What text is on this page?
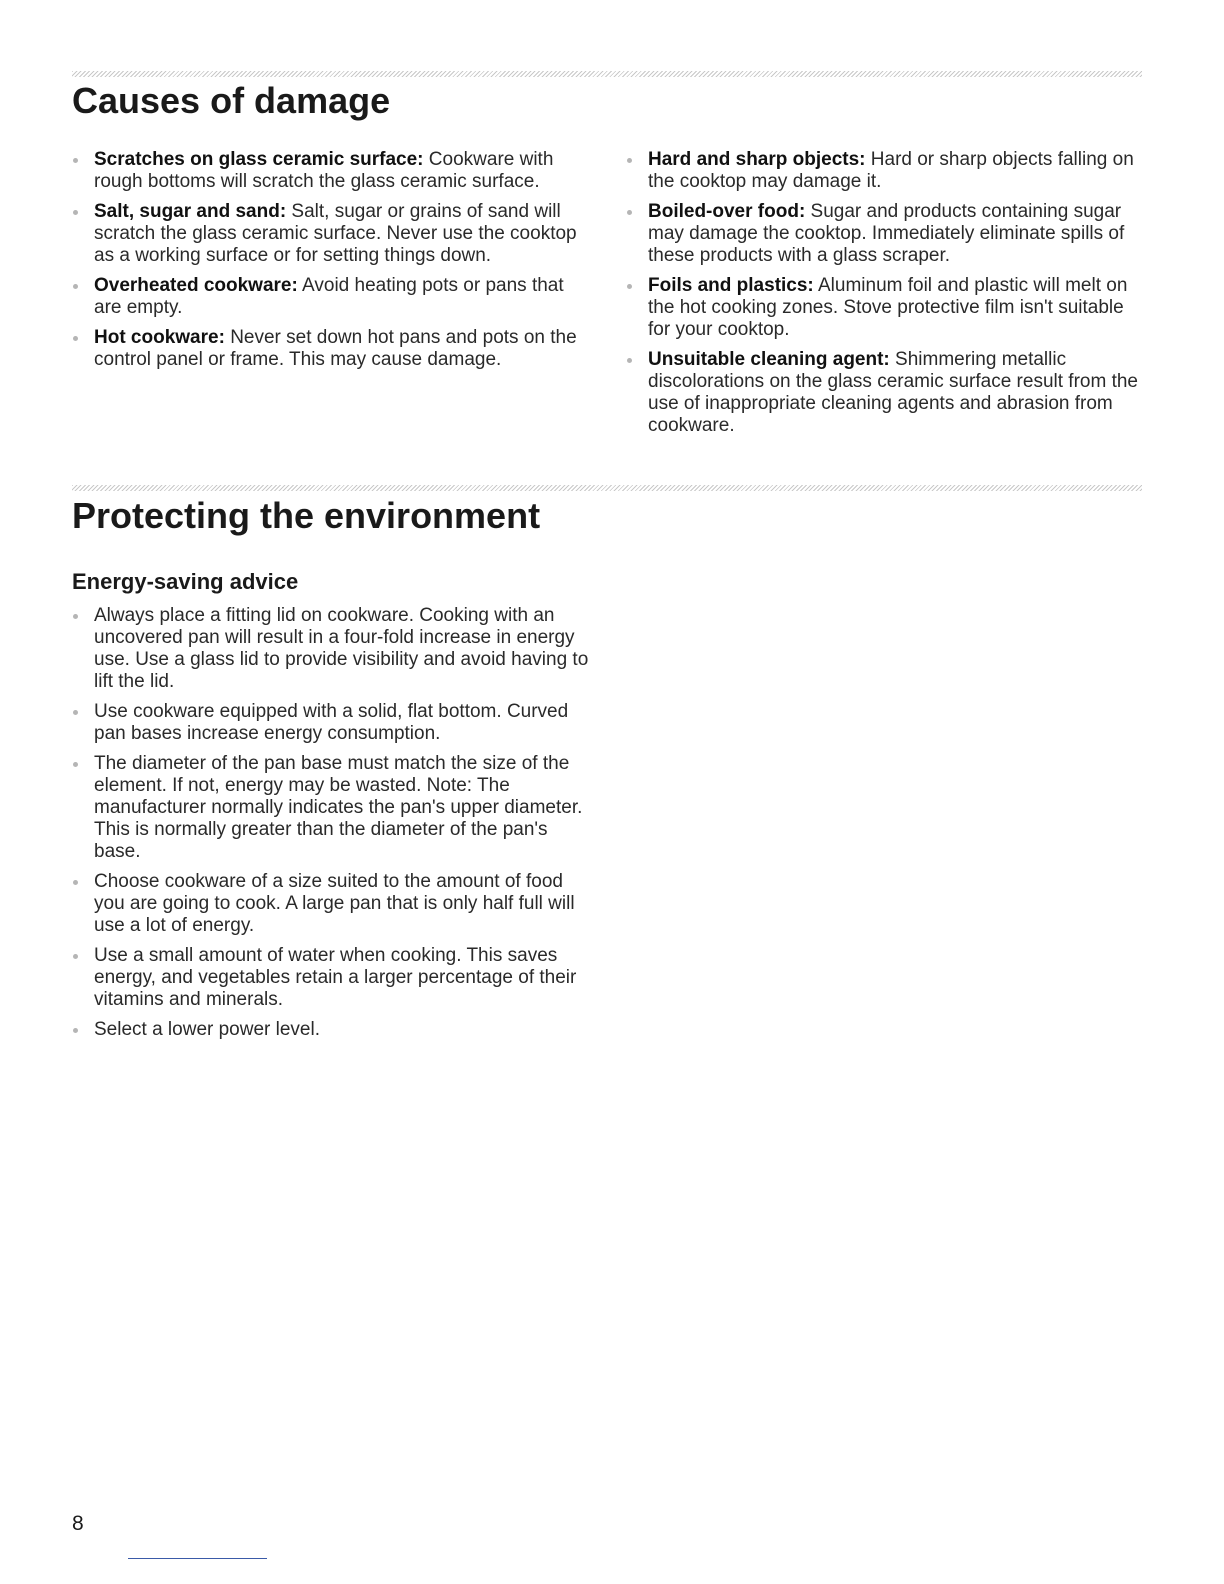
Causes of damage
Scratches on glass ceramic surface: Cookware with rough bottoms will scratch the glass ceramic surface.
Salt, sugar and sand: Salt, sugar or grains of sand will scratch the glass ceramic surface. Never use the cooktop as a working surface or for setting things down.
Overheated cookware: Avoid heating pots or pans that are empty.
Hot cookware: Never set down hot pans and pots on the control panel or frame. This may cause damage.
Hard and sharp objects: Hard or sharp objects falling on the cooktop may damage it.
Boiled-over food: Sugar and products containing sugar may damage the cooktop. Immediately eliminate spills of these products with a glass scraper.
Foils and plastics: Aluminum foil and plastic will melt on the hot cooking zones. Stove protective film isn't suitable for your cooktop.
Unsuitable cleaning agent: Shimmering metallic discolorations on the glass ceramic surface result from the use of inappropriate cleaning agents and abrasion from cookware.
Protecting the environment
Energy-saving advice
Always place a fitting lid on cookware. Cooking with an uncovered pan will result in a four-fold increase in energy use. Use a glass lid to provide visibility and avoid having to lift the lid.
Use cookware equipped with a solid, flat bottom. Curved pan bases increase energy consumption.
The diameter of the pan base must match the size of the element. If not, energy may be wasted. Note: The manufacturer normally indicates the pan's upper diameter. This is normally greater than the diameter of the pan's base.
Choose cookware of a size suited to the amount of food you are going to cook. A large pan that is only half full will use a lot of energy.
Use a small amount of water when cooking. This saves energy, and vegetables retain a larger percentage of their vitamins and minerals.
Select a lower power level.
8
